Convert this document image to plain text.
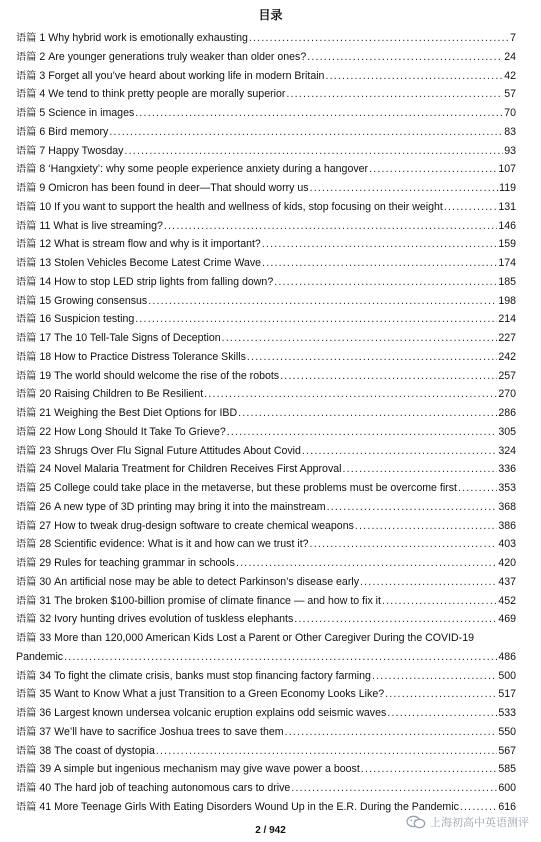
目录
语篇 1 Why hybrid work is emotionally exhausting .....	7
语篇 2 Are younger generations truly weaker than older ones? .....	24
语篇 3 Forget all you’ve heard about working life in modern Britain .....	42
语篇 4 We tend to think pretty people are morally superior .....	57
语篇 5 Science in images .....	70
语篇 6 Bird memory .....	83
语篇 7 Happy Twosday .....	93
语篇 8 ‘Hangxiety’: why some people experience anxiety during a hangover .....	107
语篇 9 Omicron has been found in deer—That should worry us .....	119
语篇 10 If you want to support the health and wellness of kids, stop focusing on their weight .....	131
语篇 11 What is live streaming? .....	146
语篇 12 What is stream flow and why is it important? .....	159
语篇 13 Stolen Vehicles Become Latest Crime Wave .....	174
语篇 14 How to stop LED strip lights from falling down? .....	185
语篇 15 Growing consensus .....	198
语篇 16 Suspicion testing .....	214
语篇 17 The 10 Tell-Tale Signs of Deception .....	227
语篇 18 How to Practice Distress Tolerance Skills .....	242
语篇 19 The world should welcome the rise of the robots .....	257
语篇 20 Raising Children to Be Resilient .....	270
语篇 21 Weighing the Best Diet Options for IBD .....	286
语篇 22 How Long Should It Take To Grieve? .....	305
语篇 23 Shrugs Over Flu Signal Future Attitudes About Covid .....	324
语篇 24 Novel Malaria Treatment for Children Receives First Approval .....	336
语篇 25 College could take place in the metaverse, but these problems must be overcome first .....	353
语篇 26 A new type of 3D printing may bring it into the mainstream .....	368
语篇 27 How to tweak drug-design software to create chemical weapons .....	386
语篇 28 Scientific evidence: What is it and how can we trust it? .....	403
语篇 29 Rules for teaching grammar in schools .....	420
语篇 30 An artificial nose may be able to detect Parkinson’s disease early .....	437
语篇 31 The broken $100-billion promise of climate finance — and how to fix it .....	452
语篇 32 Ivory hunting drives evolution of tuskless elephants .....	469
语篇 33 More than 120,000 American Kids Lost a Parent or Other Caregiver During the COVID-19
Pandemic .....	486
语篇 34 To fight the climate crisis, banks must stop financing factory farming .....	500
语篇 35 Want to Know What a just Transition to a Green Economy Looks Like? .....	517
语篇 36 Largest known undersea volcanic eruption explains odd seismic waves .....	533
语篇 37 We’ll have to sacrifice Joshua trees to save them .....	550
语篇 38 The coast of dystopia .....	567
语篇 39 A simple but ingenious mechanism may give wave power a boost .....	585
语篇 40 The hard job of teaching autonomous cars to drive .....	600
语篇 41 More Teenage Girls With Eating Disorders Wound Up in the E.R. During the Pandemic .....	616
2 / 942
上海初高中英语测评
